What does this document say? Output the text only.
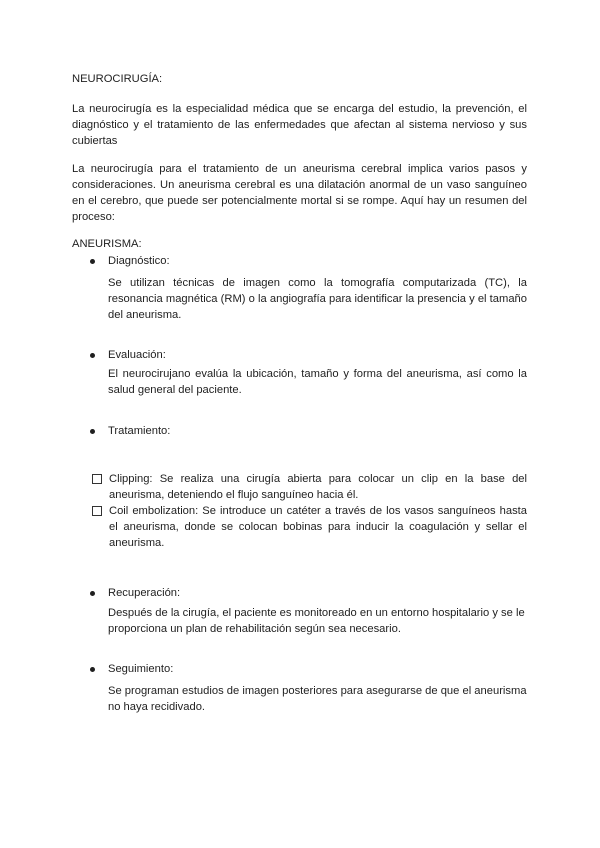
NEUROCIRUGÍA:
La neurocirugía es la especialidad médica que se encarga del estudio, la prevención, el diagnóstico y el tratamiento de las enfermedades que afectan al sistema nervioso y sus cubiertas
La neurocirugía para el tratamiento de un aneurisma cerebral implica varios pasos y consideraciones. Un aneurisma cerebral es una dilatación anormal de un vaso sanguíneo en el cerebro, que puede ser potencialmente mortal si se rompe. Aquí hay un resumen del proceso:
ANEURISMA:
Diagnóstico:
Se utilizan técnicas de imagen como la tomografía computarizada (TC), la resonancia magnética (RM) o la angiografía para identificar la presencia y el tamaño del aneurisma.
Evaluación:
El neurocirujano evalúa la ubicación, tamaño y forma del aneurisma, así como la salud general del paciente.
Tratamiento:
Clipping: Se realiza una cirugía abierta para colocar un clip en la base del aneurisma, deteniendo el flujo sanguíneo hacia él.
Coil embolization: Se introduce un catéter a través de los vasos sanguíneos hasta el aneurisma, donde se colocan bobinas para inducir la coagulación y sellar el aneurisma.
Recuperación:
Después de la cirugía, el paciente es monitoreado en un entorno hospitalario y se le proporciona un plan de rehabilitación según sea necesario.
Seguimiento:
Se programan estudios de imagen posteriores para asegurarse de que el aneurisma no haya recidivado.
